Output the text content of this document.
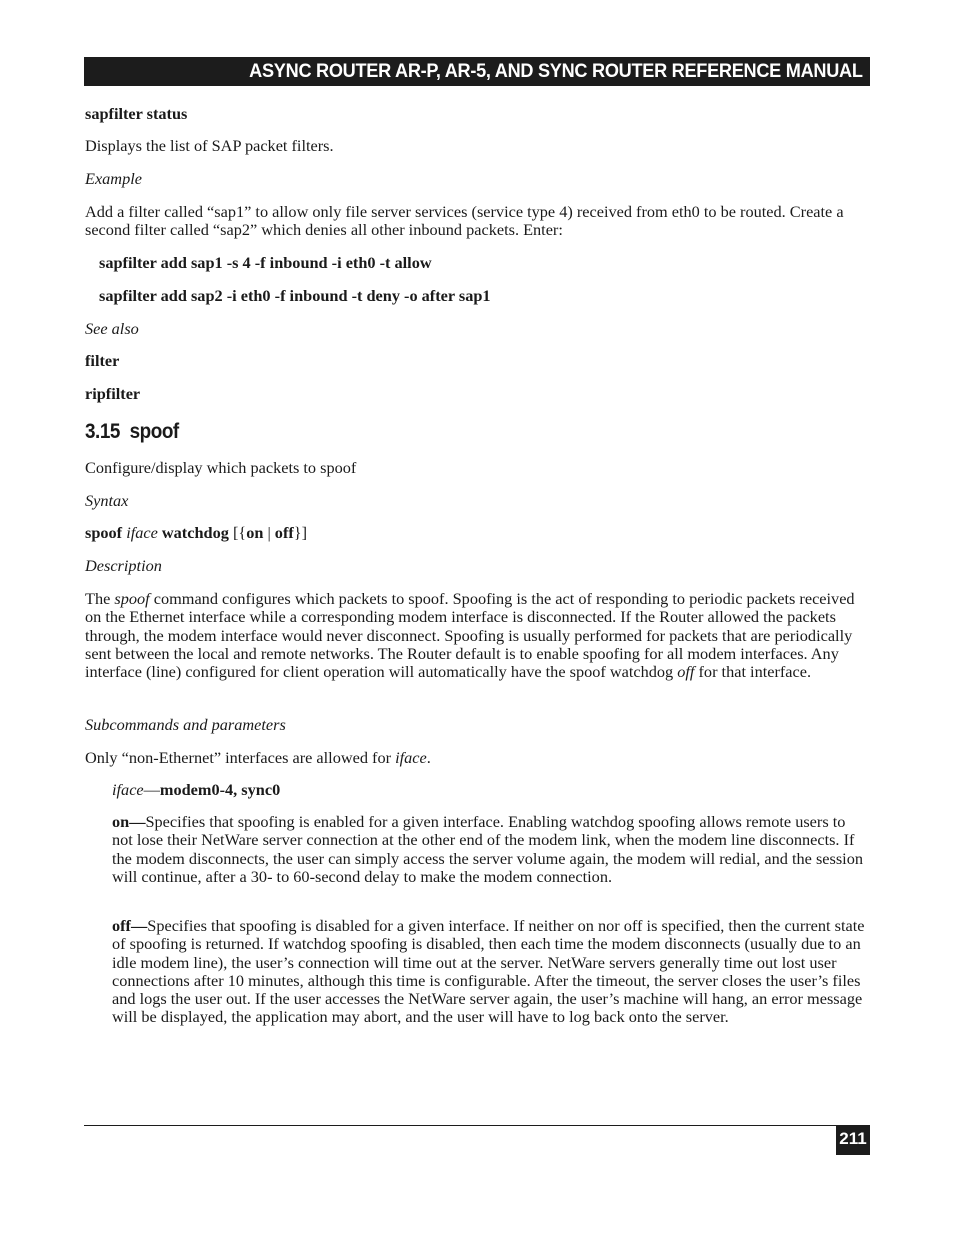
ASYNC ROUTER AR-P, AR-5, AND SYNC ROUTER REFERENCE MANUAL

sapfilter status

Displays the list of SAP packet filters.

Example

Add a filter called “sap1” to allow only file server services (service type 4) received from eth0 to be routed. Create a second filter called “sap2” which denies all other inbound packets. Enter:

sapfilter add sap1 -s 4 -f inbound -i eth0 -t allow

sapfilter add sap2 -i eth0 -f inbound -t deny -o after sap1

See also

filter

ripfilter

3.15  spoof

Configure/display which packets to spoof

Syntax

spoof iface watchdog [{on | off}]

Description

The spoof command configures which packets to spoof. Spoofing is the act of responding to periodic packets received on the Ethernet interface while a corresponding modem interface is disconnected. If the Router allowed the packets through, the modem interface would never disconnect. Spoofing is usually performed for packets that are periodically sent between the local and remote networks. The Router default is to enable spoofing for all modem interfaces. Any interface (line) configured for client operation will automatically have the spoof watchdog off for that interface.

Subcommands and parameters

Only “non-Ethernet” interfaces are allowed for iface.

iface—modem0-4, sync0

on—Specifies that spoofing is enabled for a given interface. Enabling watchdog spoofing allows remote users to not lose their NetWare server connection at the other end of the modem link, when the modem line disconnects. If the modem disconnects, the user can simply access the server volume again, the modem will redial, and the session will continue, after a 30- to 60-second delay to make the modem connection.

off—Specifies that spoofing is disabled for a given interface. If neither on nor off is specified, then the current state of spoofing is returned. If watchdog spoofing is disabled, then each time the modem disconnects (usually due to an idle modem line), the user’s connection will time out at the server. NetWare servers generally time out lost user connections after 10 minutes, although this time is configurable. After the timeout, the server closes the user’s files and logs the user out. If the user accesses the NetWare server again, the user’s machine will hang, an error message will be displayed, the application may abort, and the user will have to log back onto the server.

211
